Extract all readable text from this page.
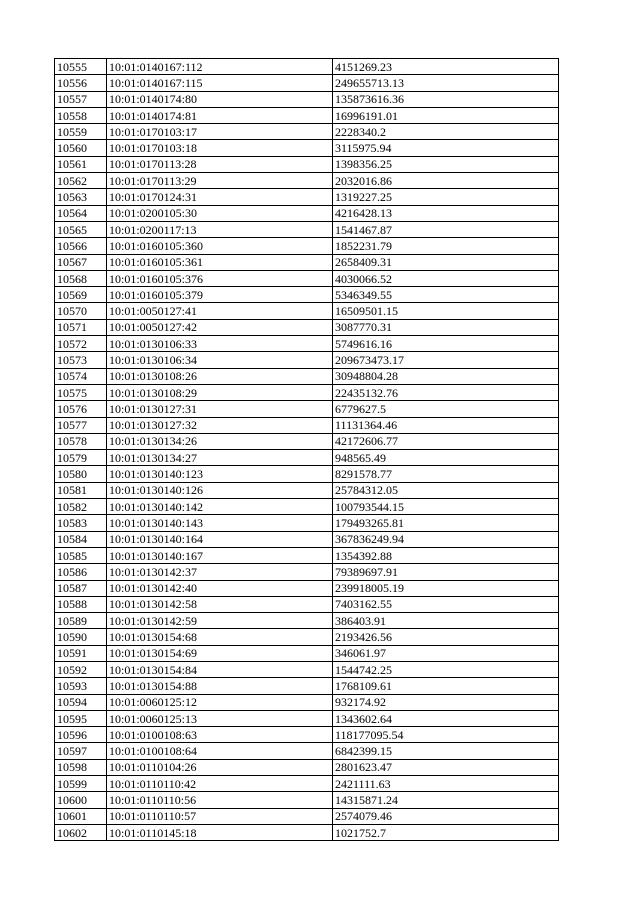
10555	10:01:0140167:112	4151269.23
10556	10:01:0140167:115	249655713.13
10557	10:01:0140174:80	135873616.36
10558	10:01:0140174:81	16996191.01
10559	10:01:0170103:17	2228340.2
10560	10:01:0170103:18	3115975.94
10561	10:01:0170113:28	1398356.25
10562	10:01:0170113:29	2032016.86
10563	10:01:0170124:31	1319227.25
10564	10:01:0200105:30	4216428.13
10565	10:01:0200117:13	1541467.87
10566	10:01:0160105:360	1852231.79
10567	10:01:0160105:361	2658409.31
10568	10:01:0160105:376	4030066.52
10569	10:01:0160105:379	5346349.55
10570	10:01:0050127:41	16509501.15
10571	10:01:0050127:42	3087770.31
10572	10:01:0130106:33	5749616.16
10573	10:01:0130106:34	209673473.17
10574	10:01:0130108:26	30948804.28
10575	10:01:0130108:29	22435132.76
10576	10:01:0130127:31	6779627.5
10577	10:01:0130127:32	11131364.46
10578	10:01:0130134:26	42172606.77
10579	10:01:0130134:27	948565.49
10580	10:01:0130140:123	8291578.77
10581	10:01:0130140:126	25784312.05
10582	10:01:0130140:142	100793544.15
10583	10:01:0130140:143	179493265.81
10584	10:01:0130140:164	367836249.94
10585	10:01:0130140:167	1354392.88
10586	10:01:0130142:37	79389697.91
10587	10:01:0130142:40	239918005.19
10588	10:01:0130142:58	7403162.55
10589	10:01:0130142:59	386403.91
10590	10:01:0130154:68	2193426.56
10591	10:01:0130154:69	346061.97
10592	10:01:0130154:84	1544742.25
10593	10:01:0130154:88	1768109.61
10594	10:01:0060125:12	932174.92
10595	10:01:0060125:13	1343602.64
10596	10:01:0100108:63	118177095.54
10597	10:01:0100108:64	6842399.15
10598	10:01:0110104:26	2801623.47
10599	10:01:0110110:42	2421111.63
10600	10:01:0110110:56	14315871.24
10601	10:01:0110110:57	2574079.46
10602	10:01:0110145:18	1021752.7
